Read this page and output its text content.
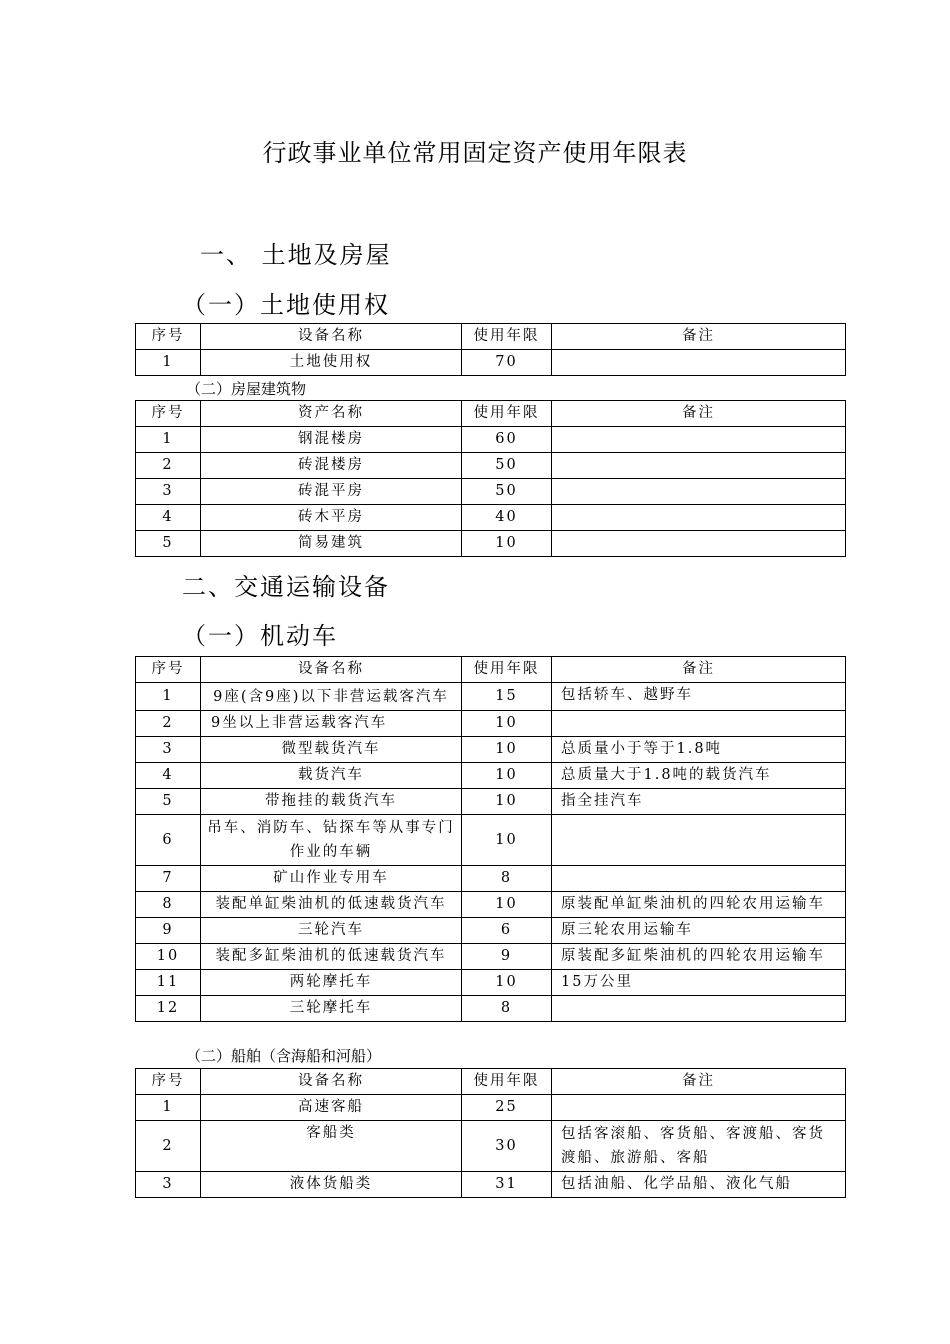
行政事业单位常用固定资产使用年限表
一、 土地及房屋
（一）土地使用权
序号	设备名称	使用年限	备注
1	土地使用权	70	
（二）房屋建筑物
序号	资产名称	使用年限	备注
1	钢混楼房	60	
2	砖混楼房	50	
3	砖混平房	50	
4	砖木平房	40	
5	简易建筑	10	
二、交通运输设备
（一）机动车
序号	设备名称	使用年限	备注
1	9座(含9座)以下非营运载客汽车	15	包括轿车、越野车
2	9坐以上非营运载客汽车	10	
3	微型载货汽车	10	总质量小于等于1.8吨
4	载货汽车	10	总质量大于1.8吨的载货汽车
5	带拖挂的载货汽车	10	指全挂汽车
6	吊车、消防车、钻探车等从事专门作业的车辆	10	
7	矿山作业专用车	8	
8	装配单缸柴油机的低速载货汽车	10	原装配单缸柴油机的四轮农用运输车
9	三轮汽车	6	原三轮农用运输车
10	装配多缸柴油机的低速载货汽车	9	原装配多缸柴油机的四轮农用运输车
11	两轮摩托车	10	15万公里
12	三轮摩托车	8	
（二）船舶（含海船和河船）
序号	设备名称	使用年限	备注
1	高速客船	25	
2	客船类	30	包括客滚船、客货船、客渡船、客货渡船、旅游船、客船
3	液体货船类	31	包括油船、化学品船、液化气船
